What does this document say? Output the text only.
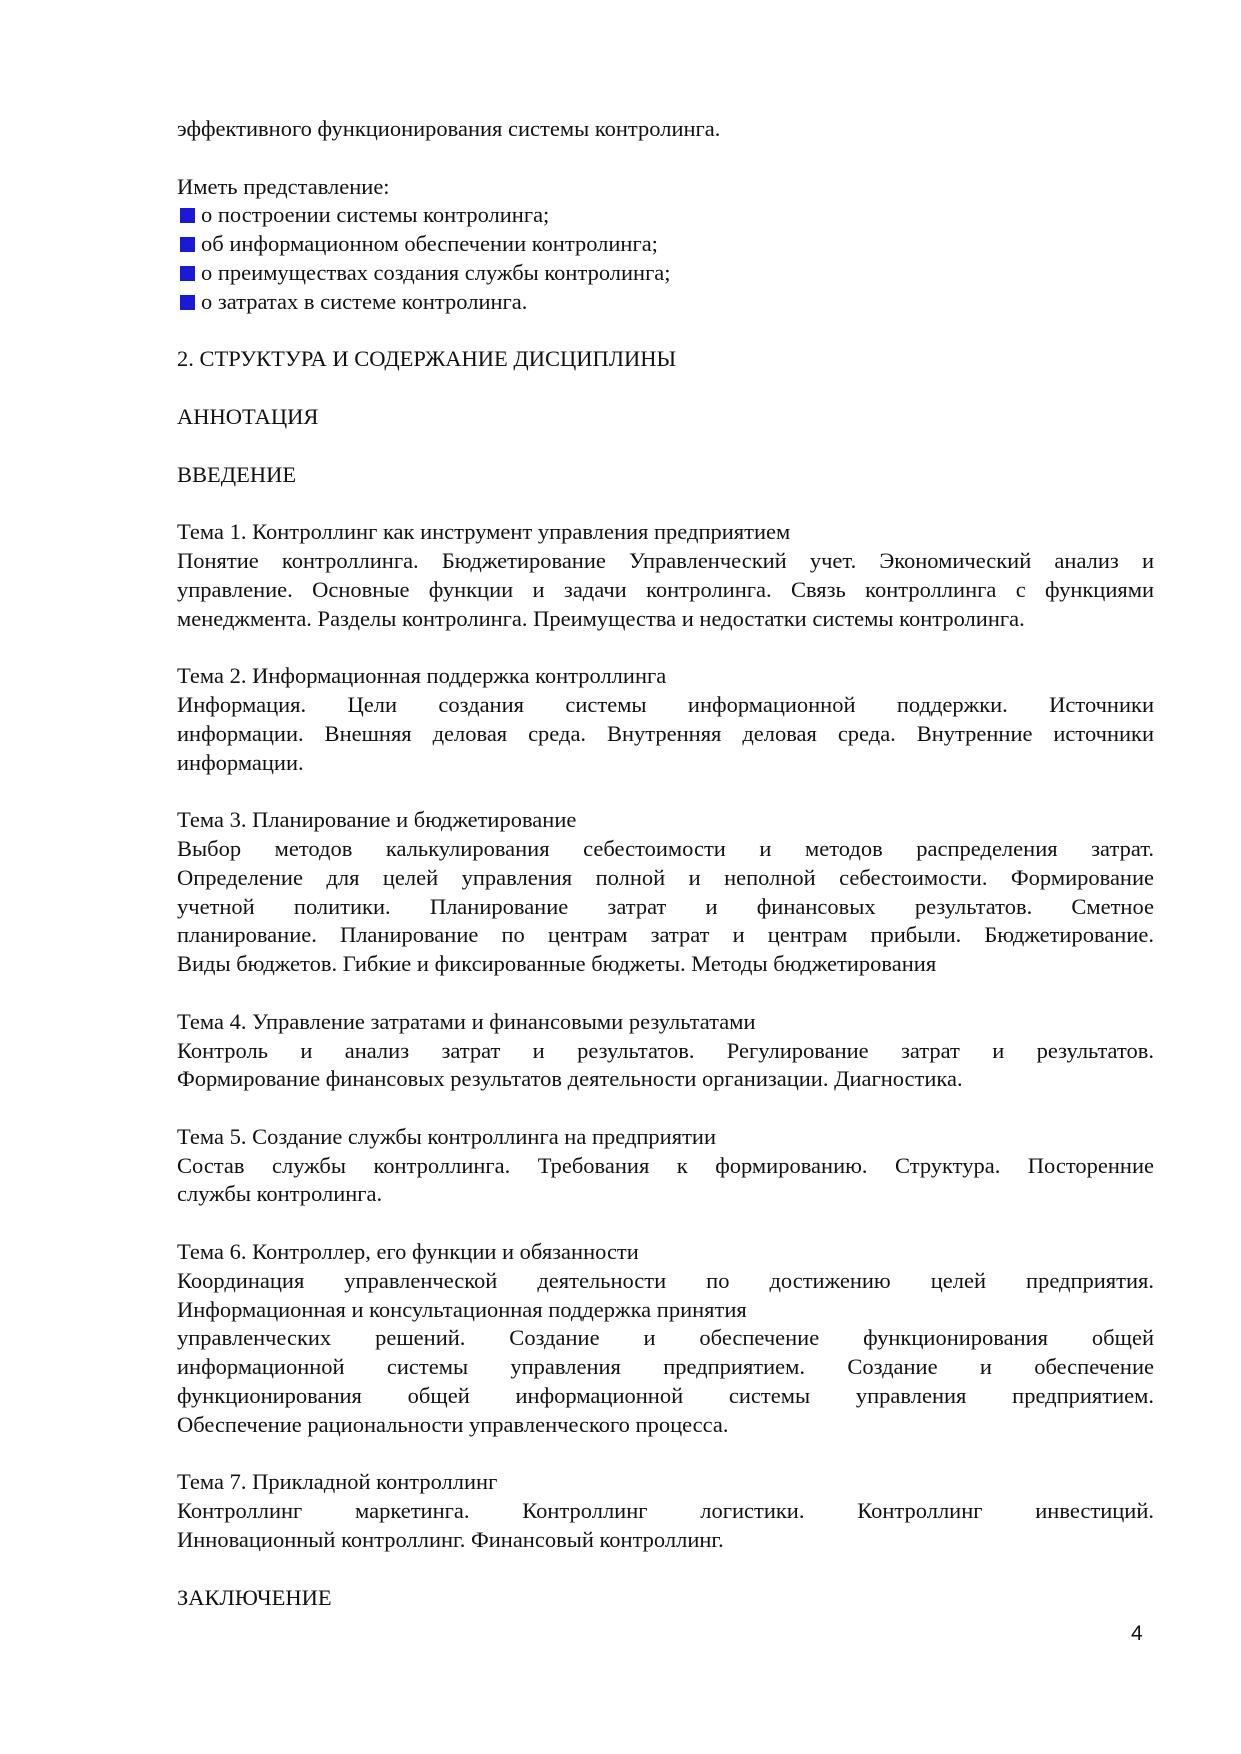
эффективного функционирования системы контролинга.

Иметь представление:

о построении системы контролинга;

об информационном обеспечении контролинга;

о преимуществах создания службы контролинга;

о затратах в системе контролинга.

2. СТРУКТУРА И СОДЕРЖАНИЕ ДИСЦИПЛИНЫ

АННОТАЦИЯ

ВВЕДЕНИЕ

Тема 1. Контроллинг как инструмент управления предприятием

Понятие контроллинга. Бюджетирование Управленческий учет. Экономический анализ и

управление. Основные функции и задачи контролинга. Связь контроллинга с функциями

менеджмента. Разделы контролинга. Преимущества и недостатки системы контролинга.

Тема 2. Информационная поддержка контроллинга

Информация. Цели создания системы информационной поддержки. Источники

информации. Внешняя деловая среда. Внутренняя деловая среда. Внутренние источники

информации.

Тема 3. Планирование и бюджетирование

Выбор методов калькулирования себестоимости и методов распределения затрат.

Определение для целей управления полной и неполной себестоимости. Формирование

учетной политики. Планирование затрат и финансовых результатов. Сметное

планирование. Планирование по центрам затрат и центрам прибыли. Бюджетирование.

Виды бюджетов. Гибкие и фиксированные бюджеты. Методы бюджетирования

Тема 4. Управление затратами и финансовыми результатами

Контроль и анализ затрат и результатов. Регулирование затрат и результатов.

Формирование финансовых результатов деятельности организации. Диагностика.

Тема 5. Создание службы контроллинга на предприятии

Состав службы контроллинга. Требования к формированию. Структура. Посторенние

службы контролинга.

Тема 6. Контроллер, его функции и обязанности

Координация управленческой деятельности по достижению целей предприятия.

Информационная и консультационная поддержка принятия

управленческих решений. Создание и обеспечение функционирования общей

информационной системы управления предприятием. Создание и обеспечение

функционирования общей информационной системы управления предприятием.

Обеспечение рациональности управленческого процесса.

Тема 7. Прикладной контроллинг

Контроллинг маркетинга. Контроллинг логистики. Контроллинг инвестиций.

Инновационный контроллинг. Финансовый контроллинг.

ЗАКЛЮЧЕНИЕ

4
